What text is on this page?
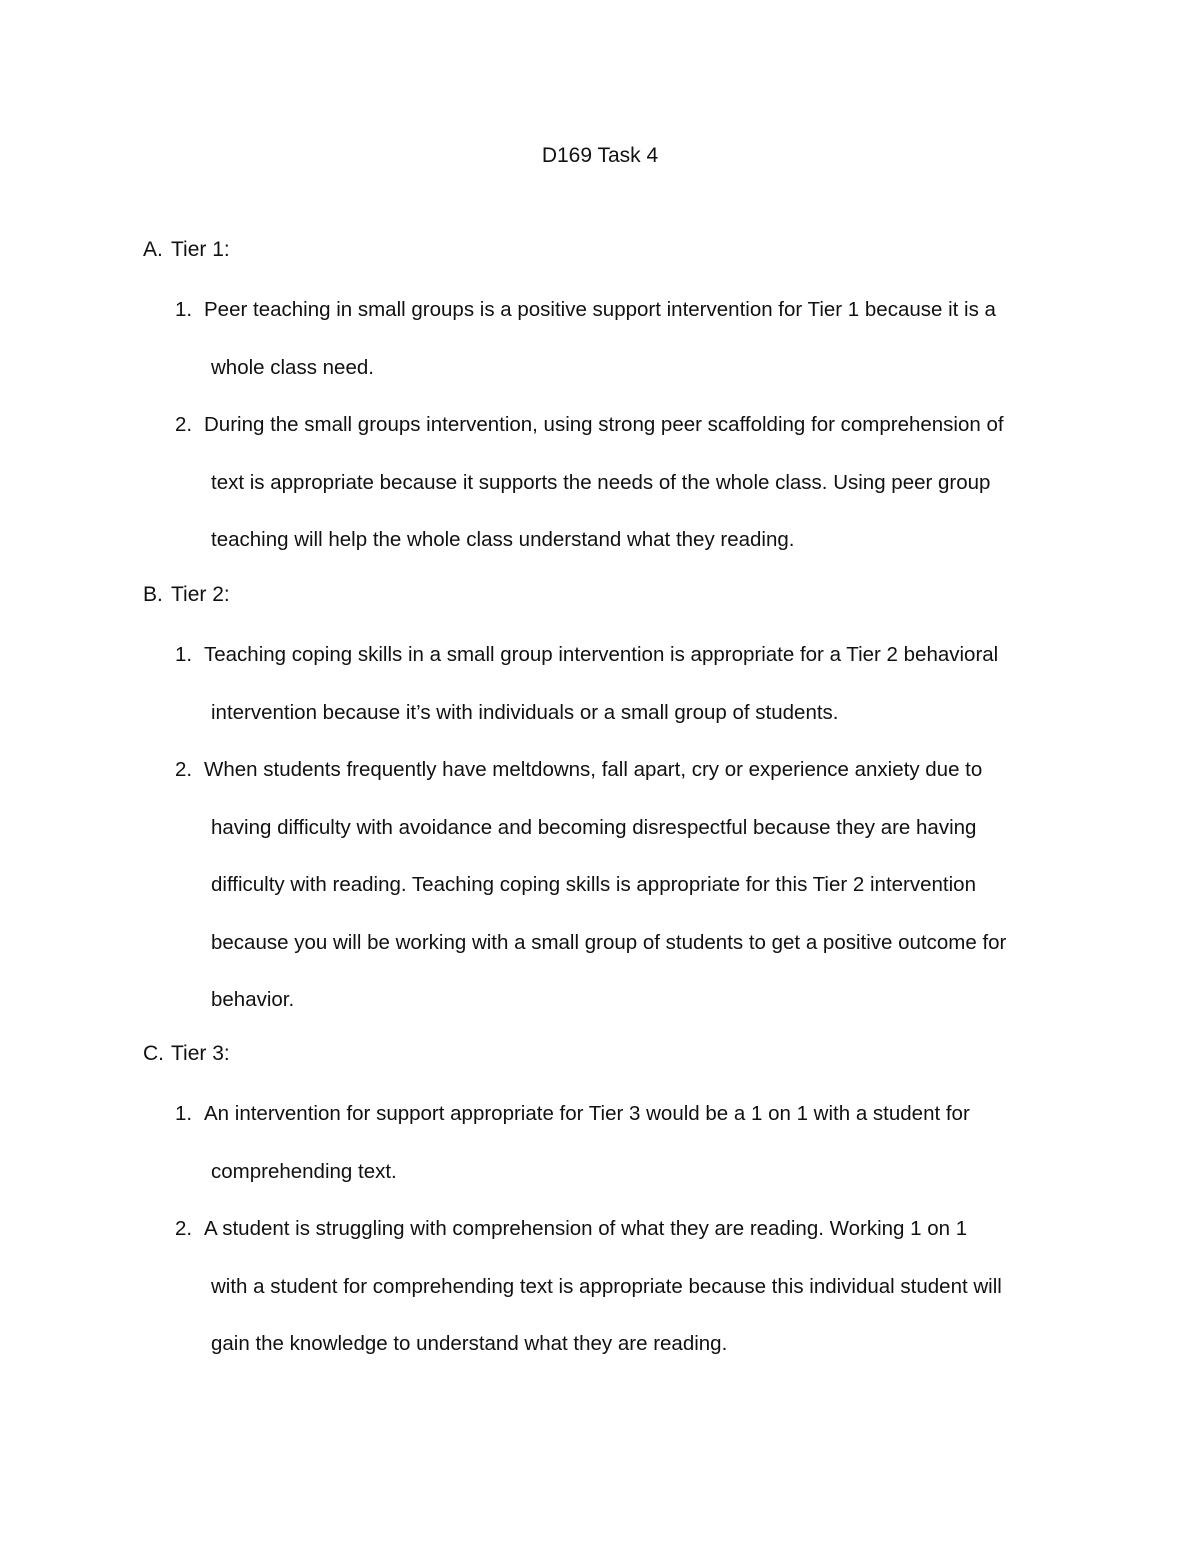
D169 Task 4
A. Tier 1:
1. Peer teaching in small groups is a positive support intervention for Tier 1 because it is a
whole class need.
2. During the small groups intervention, using strong peer scaffolding for comprehension of
text is appropriate because it supports the needs of the whole class. Using peer group
teaching will help the whole class understand what they reading.
B. Tier 2:
1. Teaching coping skills in a small group intervention is appropriate for a Tier 2 behavioral
intervention because it’s with individuals or a small group of students.
2. When students frequently have meltdowns, fall apart, cry or experience anxiety due to
having difficulty with avoidance and becoming disrespectful because they are having
difficulty with reading. Teaching coping skills is appropriate for this Tier 2 intervention
because you will be working with a small group of students to get a positive outcome for
behavior.
C. Tier 3:
1. An intervention for support appropriate for Tier 3 would be a 1 on 1 with a student for
comprehending text.
2. A student is struggling with comprehension of what they are reading. Working 1 on 1
with a student for comprehending text is appropriate because this individual student will
gain the knowledge to understand what they are reading.
